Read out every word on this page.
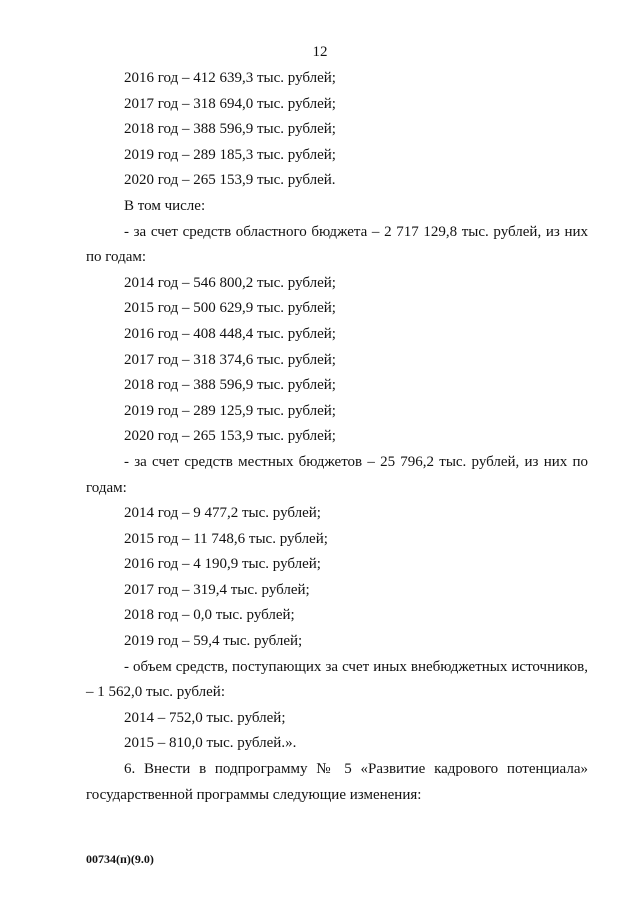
12
2016 год – 412 639,3 тыс. рублей;
2017 год – 318 694,0 тыс. рублей;
2018 год – 388 596,9 тыс. рублей;
2019 год – 289 185,3 тыс. рублей;
2020 год – 265 153,9 тыс. рублей.
В том числе:
- за счет средств областного бюджета – 2 717 129,8 тыс. рублей, из них
по годам:
2014 год – 546 800,2 тыс. рублей;
2015 год – 500 629,9 тыс. рублей;
2016 год – 408 448,4 тыс. рублей;
2017 год – 318 374,6 тыс. рублей;
2018 год – 388 596,9 тыс. рублей;
2019 год – 289 125,9 тыс. рублей;
2020 год – 265 153,9 тыс. рублей;
- за счет средств местных бюджетов – 25 796,2 тыс. рублей, из них по
годам:
2014 год – 9 477,2 тыс. рублей;
2015 год – 11 748,6 тыс. рублей;
2016 год – 4 190,9 тыс. рублей;
2017 год – 319,4 тыс. рублей;
2018 год – 0,0 тыс. рублей;
2019 год – 59,4 тыс. рублей;
- объем средств, поступающих за счет иных внебюджетных источников,
– 1 562,0 тыс. рублей:
2014 – 752,0 тыс. рублей;
2015 – 810,0 тыс. рублей.».
6. Внести в подпрограмму № 5 «Развитие кадрового потенциала»
государственной программы следующие изменения:
00734(п)(9.0)
